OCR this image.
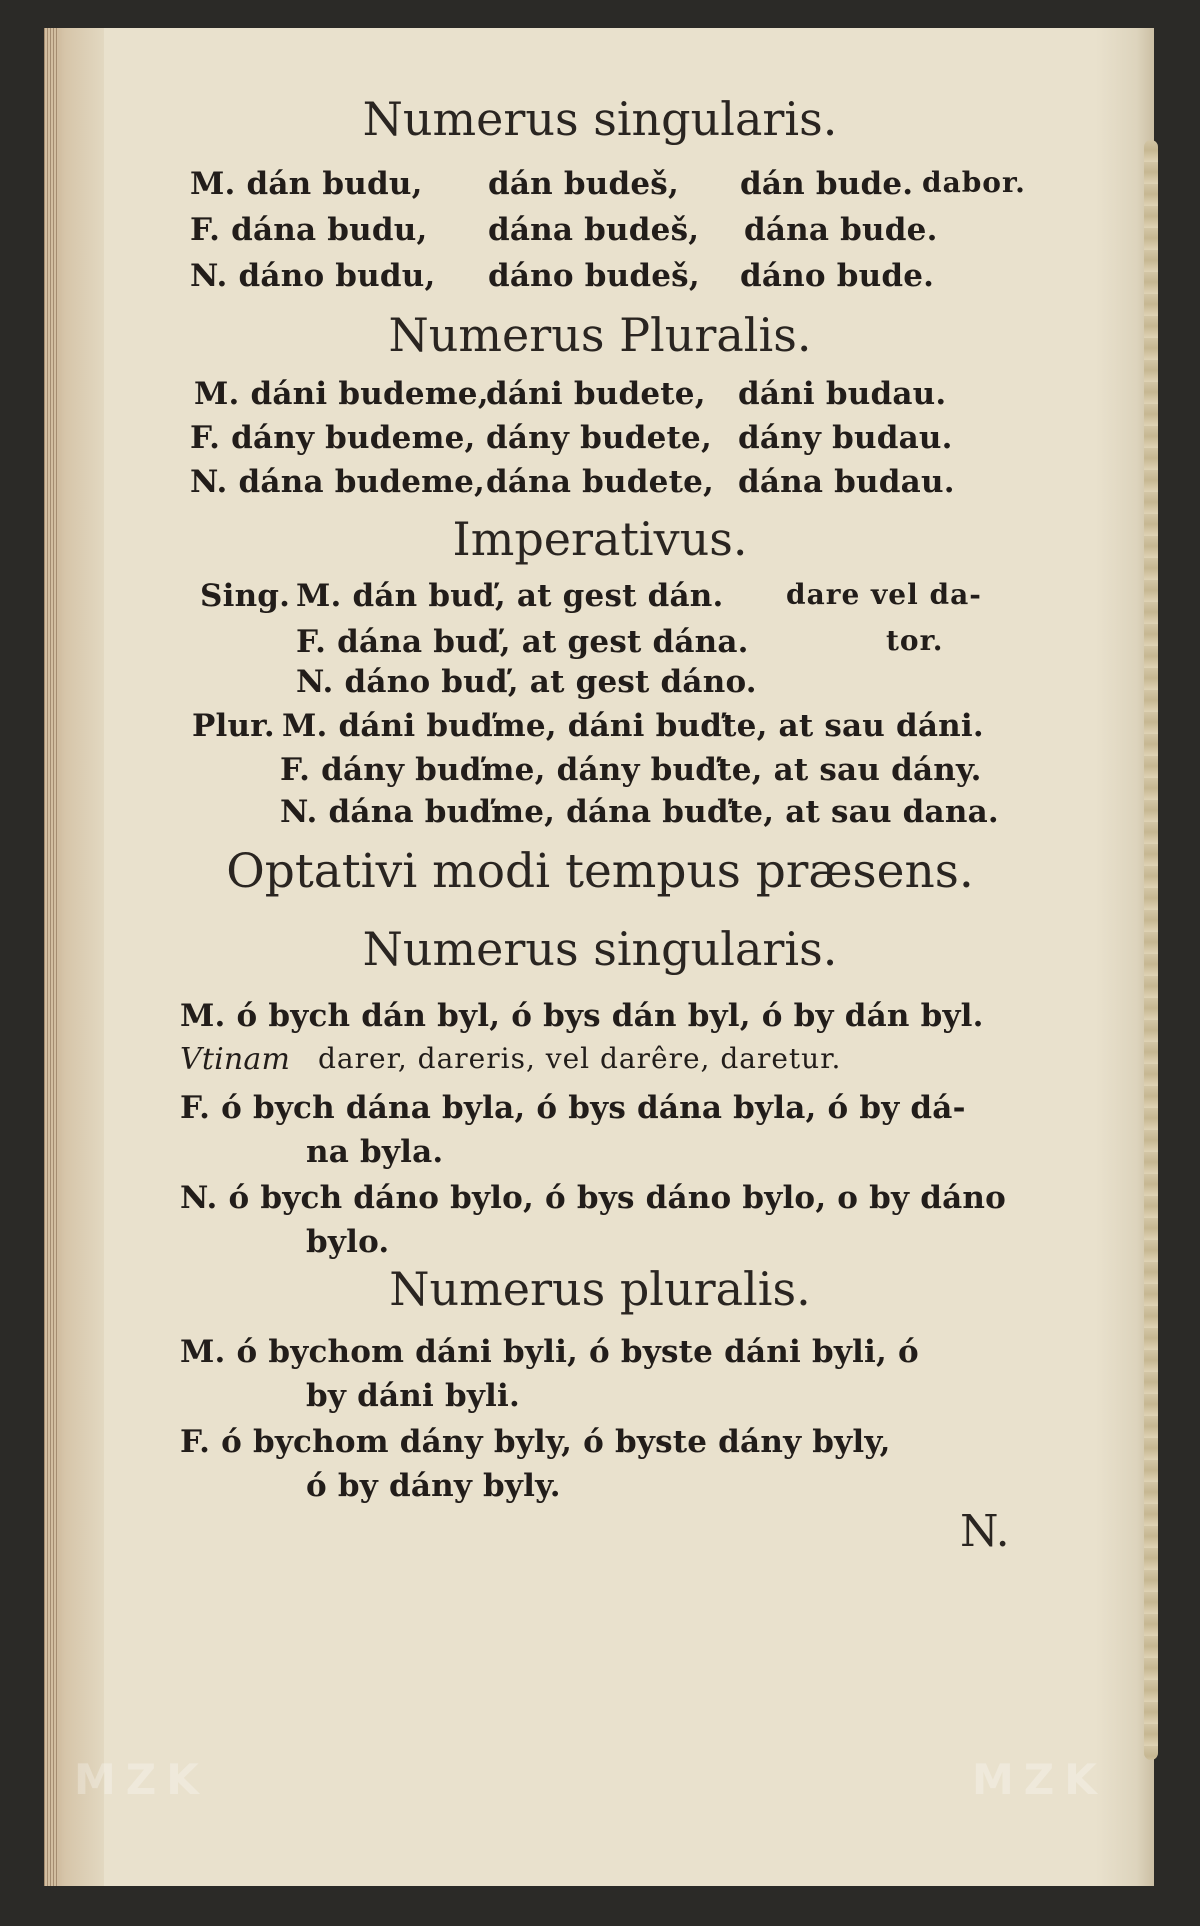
MZK	MZK
Numerus singularis.
M. dán budu, dán budeš, dán bude. dabor.
F. dána budu, dána budeš, dána bude.
N. dáno budu, dáno budeš, dáno bude.
Numerus Pluralis.
M. dáni budeme,
dáni budete, dáni budau.
F. dány budeme, dány budete, dány budau.
N. dána budeme, dána budete, dána budau.
Imperativus.
Sing. M. dán buď, at gest dán. dare vel da-
F. dána buď, at gest dána.	tor.
N. dáno buď, at gest dáno.
Plur. M. dáni buďme, dáni buďte, at sau dáni.
F. dány buďme, dány buďte, at sau dány.
N. dána buďme, dána buďte, at sau dana.
Optativi modi tempus præsens.
Numerus singularis.
M. ó bych dán byl, ó bys dán byl, ó by dán byl.
Vtinam darer, dareris, vel darêre, daretur.
F. ó bych dána byla, ó bys dána byla, ó by dá-
na byla.
N. ó bych dáno bylo, ó bys dáno bylo, o by dáno
bylo.
Numerus pluralis.
M. ó bychom dáni byli, ó byste dáni byli, ó
by dáni byli.
F. ó bychom dány byly, ó byste dány byly,
ó by dány byly.
N.
